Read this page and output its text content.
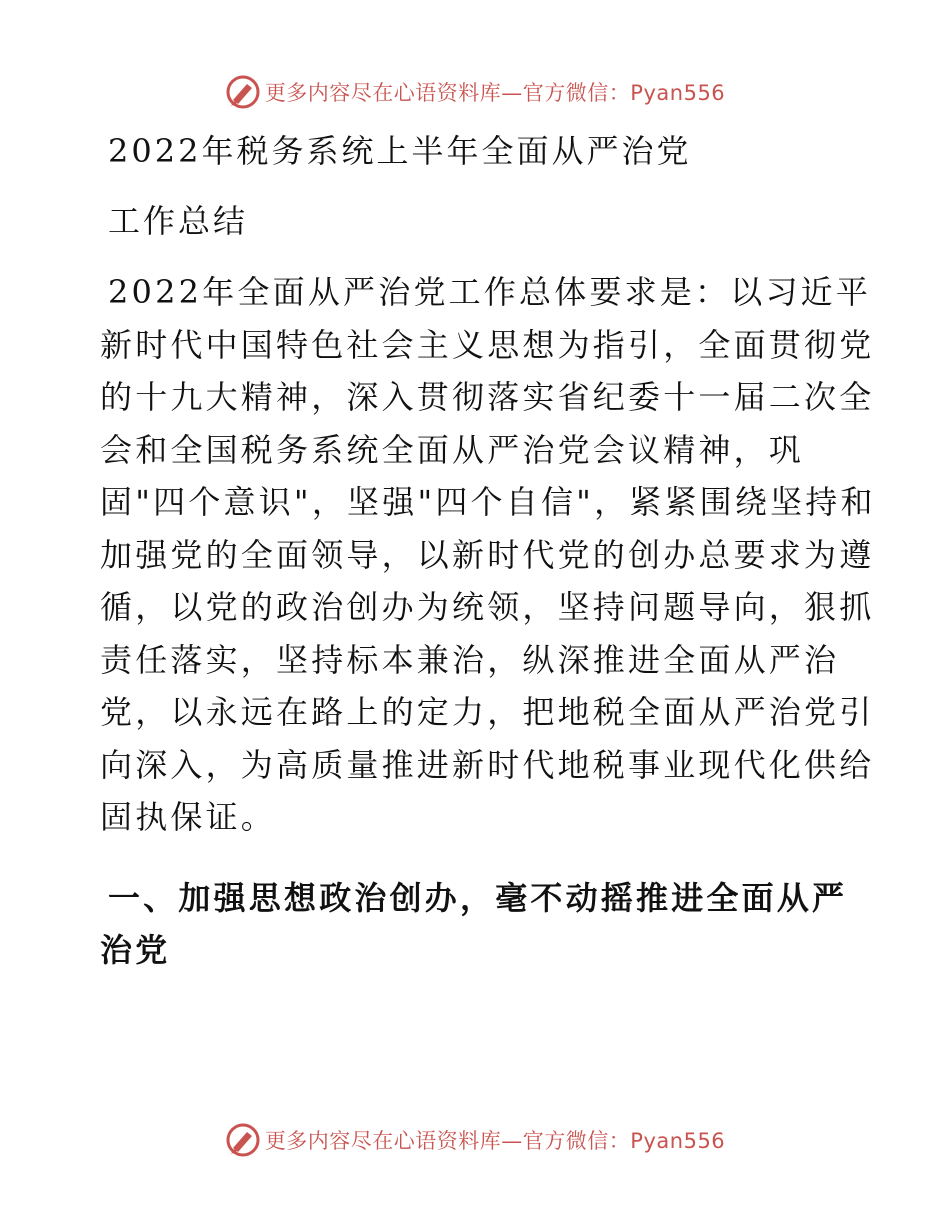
更多内容尽在心语资料库—官方微信：Pyan556
2022年税务系统上半年全面从严治党
工作总结

2022年全面从严治党工作总体要求是：以习近平
新时代中国特色社会主义思想为指引，全面贯彻党
的十九大精神，深入贯彻落实省纪委十一届二次全
会和全国税务系统全面从严治党会议精神，巩
固"四个意识"，坚强"四个自信"，紧紧围绕坚持和
加强党的全面领导，以新时代党的创办总要求为遵
循，以党的政治创办为统领，坚持问题导向，狠抓
责任落实，坚持标本兼治，纵深推进全面从严治
党，以永远在路上的定力，把地税全面从严治党引
向深入，为高质量推进新时代地税事业现代化供给
固执保证。

一、加强思想政治创办，毫不动摇推进全面从严
治党
更多内容尽在心语资料库—官方微信：Pyan556
